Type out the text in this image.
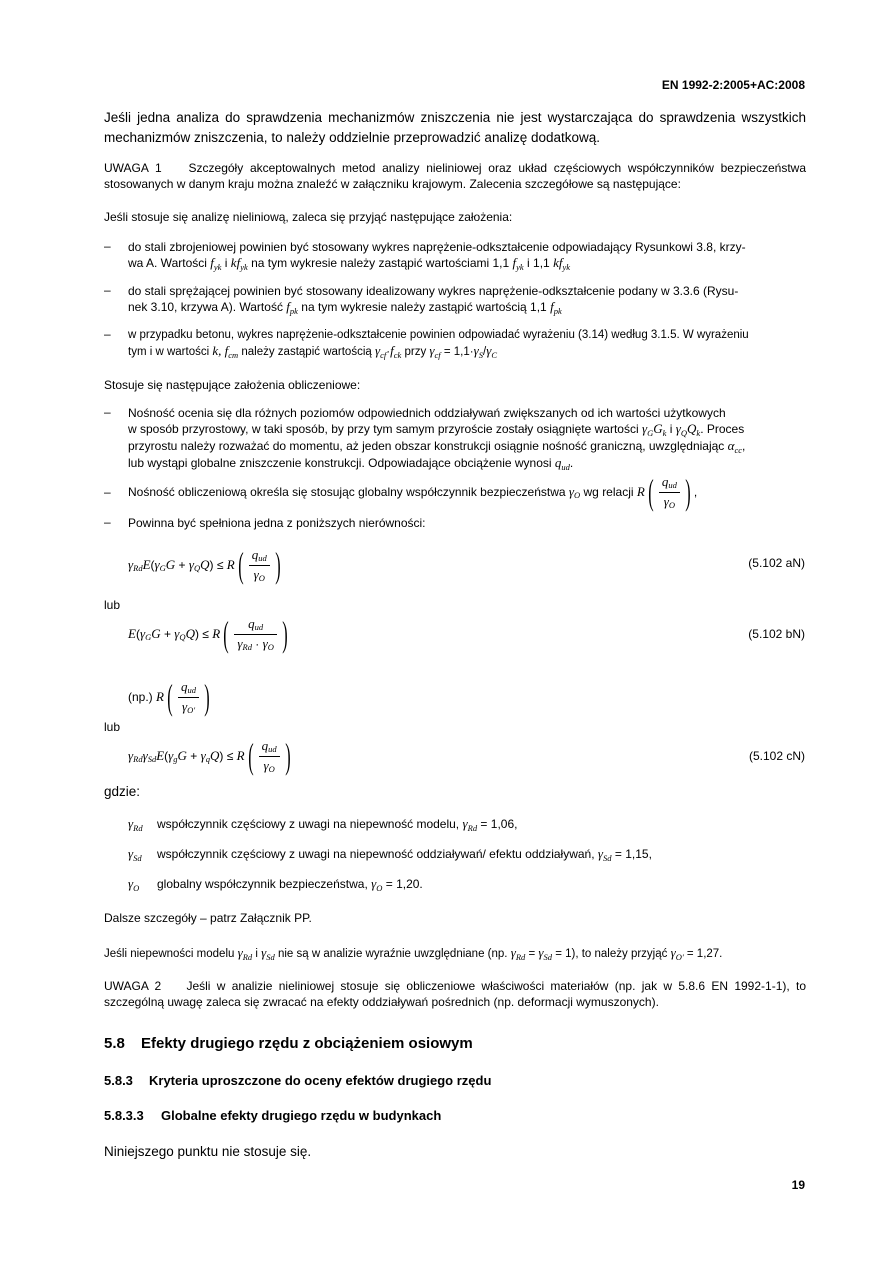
EN 1992-2:2005+AC:2008
Jeśli jedna analiza do sprawdzenia mechanizmów zniszczenia nie jest wystarczająca do sprawdzenia wszystkich mechanizmów zniszczenia, to należy oddzielnie przeprowadzić analizę dodatkową.
UWAGA 1 Szczegóły akceptowalnych metod analizy nieliniowej oraz układ częściowych współczynników bezpieczeństwa stosowanych w danym kraju można znaleźć w załączniku krajowym. Zalecenia szczegółowe są następujące:
Jeśli stosuje się analizę nieliniową, zaleca się przyjąć następujące założenia:
– do stali zbrojeniowej powinien być stosowany wykres naprężenie-odkształcenie odpowiadający Rysunkowi 3.8, krzy-
wa A. Wartości $f_{yk}$ i $kf_{yk}$ na tym wykresie należy zastąpić wartościami 1,1 $f_{yk}$ i 1,1 $kf_{yk}$
– do stali sprężającej powinien być stosowany idealizowany wykres naprężenie-odkształcenie podany w 3.3.6 (Rysu-
nek 3.10, krzywa A). Wartość $f_{pk}$ na tym wykresie należy zastąpić wartością 1,1 $f_{pk}$
– w przypadku betonu, wykres naprężenie-odkształcenie powinien odpowiadać wyrażeniu (3.14) według 3.1.5. W wyrażeniu
tym i w wartości k, $f_{cm}$ należy zastąpić wartością $\gamma_{cf}\cdot f_{ck}$ przy $\gamma_{cf} = 1,1\cdot\gamma_S/\gamma_C$
Stosuje się następujące założenia obliczeniowe:
– Nośność ocenia się dla różnych poziomów odpowiednich oddziaływań zwiększanych od ich wartości użytkowych
w sposób przyrostowy, w taki sposób, by przy tym samym przyroście zostały osiągnięte wartości $\gamma_GG_k$ i $\gamma_QQ_k$. Proces
przyrostu należy rozważać do momentu, aż jeden obszar konstrukcji osiągnie nośność graniczną, uwzględniając $\alpha_{cc}$,
lub wystąpi globalne zniszczenie konstrukcji. Odpowiadające obciążenie wynosi $q_{ud}$.
– Nośność obliczeniową określa się stosując globalny współczynnik bezpieczeństwa
γ O
wg relacji
R ( $\frac{\text{qud}}{\gamma O}$ ) ,
– Powinna być spełniona jedna z poniższych nierówności:
γ Rd E ( γ G G + γ Q Q ) ≤ R ( $\frac{\text{qud}}{\gamma O}$ )	(5.102 aN)
lub
E ( γ G G + γ Q Q ) ≤ R ( $\frac{\text{qud}}{\text{γRd · γO}}$ )	(5.102 bN)
(np.)
R ( $\frac{\text{qud}}{\gamma O'}$ )
lub
γ Rd γ Sd E ( γ g G + γ q Q ) ≤ R ( $\frac{\text{qud}}{\gamma O}$ )	(5.102 cN)
gdzie:
$\gamma_{Rd}$ współczynnik częściowy z uwagi na niepewność modelu, $\gamma_{Rd} = 1,06$,
$\gamma_{Sd}$ współczynnik częściowy z uwagi na niepewność oddziaływań/ efektu oddziaływań, $\gamma_{Sd} = 1,15$,
$\gamma_O$ globalny współczynnik bezpieczeństwa, $\gamma_O = 1,20$.
Dalsze szczegóły – patrz Załącznik PP.
Jeśli niepewności modelu $\gamma_{Rd}$ i $\gamma_{Sd}$ nie są w analizie wyraźnie uwzględniane (np. $\gamma_{Rd} = \gamma_{Sd} = 1$), to należy przyjąć $\gamma_{O'} = 1,27$.
UWAGA 2 Jeśli w analizie nieliniowej stosuje się obliczeniowe właściwości materiałów (np. jak w 5.8.6 EN 1992-1-1), to szczególną uwagę zaleca się zwracać na efekty oddziaływań pośrednich (np. deformacji wymuszonych).
5.8 Efekty drugiego rzędu z obciążeniem osiowym
5.8.3 Kryteria uproszczone do oceny efektów drugiego rzędu
5.8.3.3 Globalne efekty drugiego rzędu w budynkach
Niniejszego punktu nie stosuje się.
19
